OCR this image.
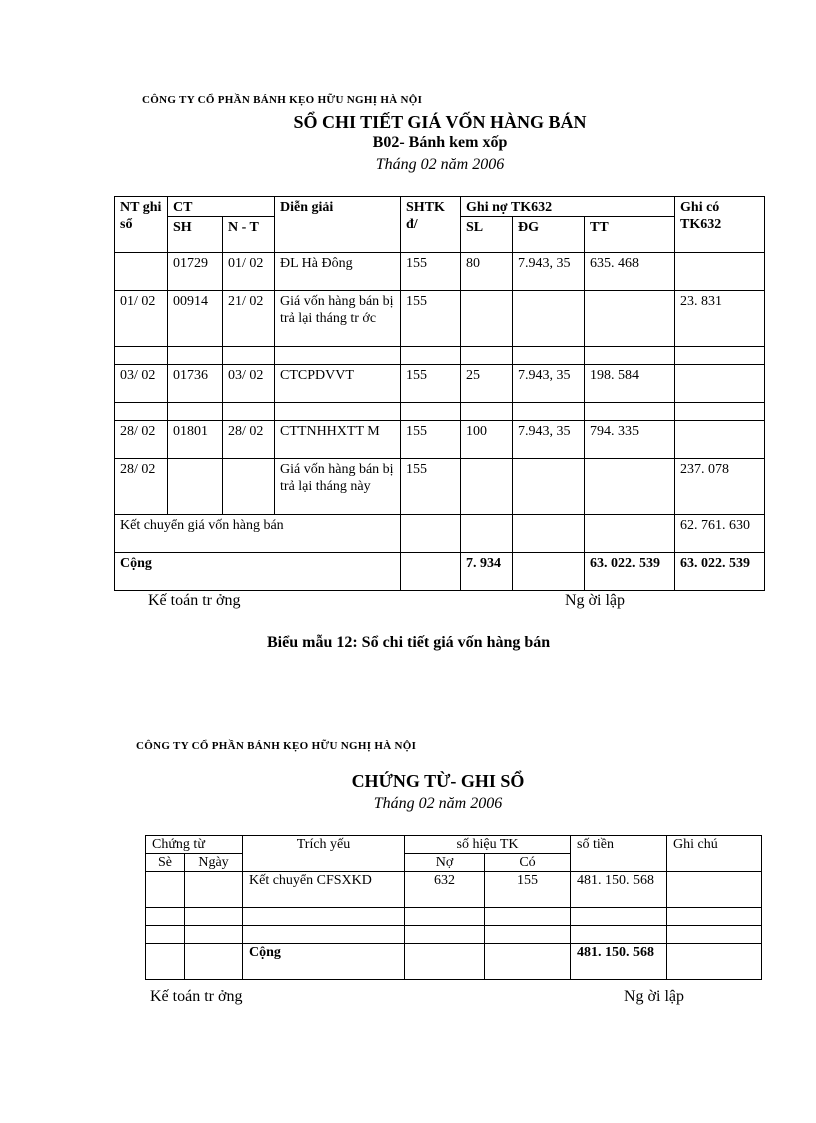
CÔNG TY CỔ PHẦN BÁNH KẸO HỮU NGHỊ HÀ NỘI
SỔ CHI TIẾT GIÁ VỐN HÀNG BÁN
B02- Bánh kem xốp
Tháng 02 năm 2006
NT ghi sổ	CT		Diễn giải	SHTK đ/	Ghi nợ TK632			Ghi có TK632
	SH	N - T			SL	ĐG	TT	
	01729	01/ 02	ĐL Hà Đông	155	80	7.943, 35	635. 468	
01/ 02	00914	21/ 02	Giá vốn hàng bán bị trả lại tháng tr ớc	155				23. 831

03/ 02	01736	03/ 02	CTCPDVVT	155	25	7.943, 35	198. 584	

28/ 02	01801	28/ 02	CTTNHHXTT M	155	100	7.943, 35	794. 335	
28/ 02			Giá vốn hàng bán bị trả lại tháng này	155				237. 078
Kết chuyển giá vốn hàng bán								62. 761. 630
Cộng					7. 934		63. 022. 539	63. 022. 539
Kế toán tr ởng	Ng ời lập
Biểu mẫu 12: Sổ chi tiết giá vốn hàng bán
CÔNG TY CỔ PHẦN BÁNH KẸO HỮU NGHỊ HÀ NỘI
CHỨNG TỪ- GHI SỔ
Tháng 02 năm 2006
Chứng từ		Trích yếu	số hiệu TK		số tiền	Ghi chú
Sè	Ngày		Nợ	Có		
		Kết chuyển CFSXKD	632	155	481. 150. 568	

		Cộng			481. 150. 568	
Kế toán tr ởng	Ng ời lập
